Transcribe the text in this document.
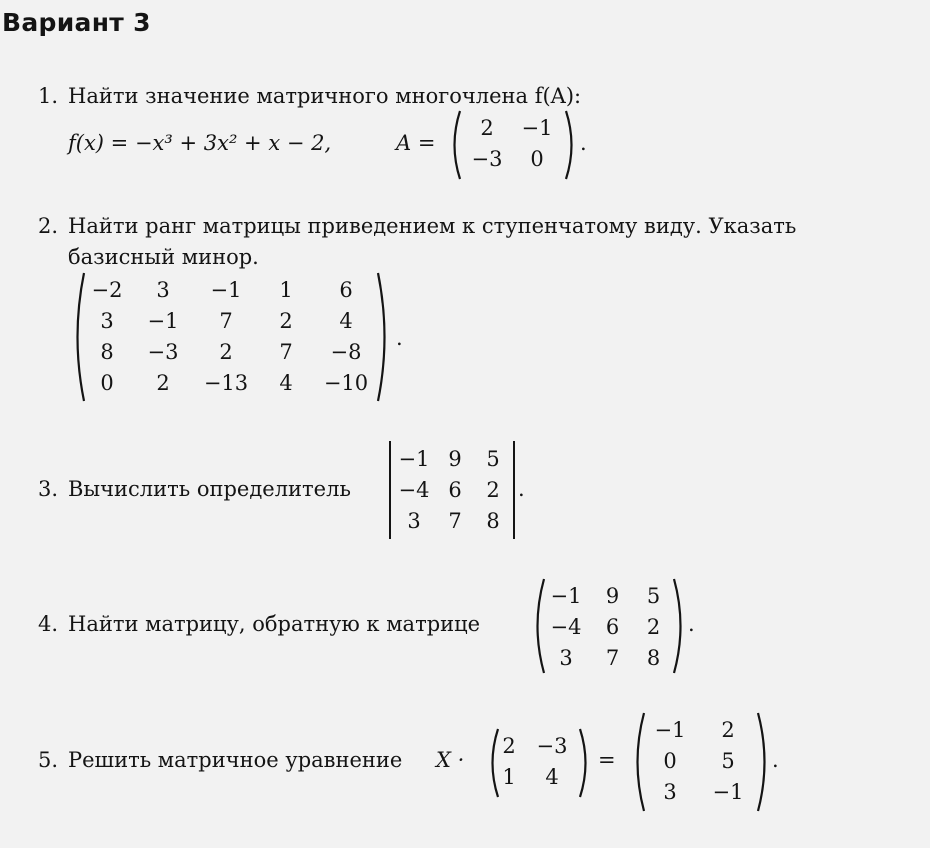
Вариант 3
1. Найти значение матричного многочлена f(A):
f(x) = −x³ + 3x² + x − 2,	A =
2	−1
−3	0
.
2. Найти ранг матрицы приведением к ступенчатому виду. Указать
базисный минор.
−2	3	−1	1	6
3	−1	7	2	4
8	−3	2	7	−8
0	2	−13	4	−10
.
3. Вычислить определитель
−1 9	5
−4 6	2
3	7	8
.
4. Найти матрицу, обратную к матрице
−1	9	5
−4	6	2
3	7	8
.
5. Решить матричное уравнение X ·
2 −3
1	4
=
−1	2
0	5
3	−1
.
